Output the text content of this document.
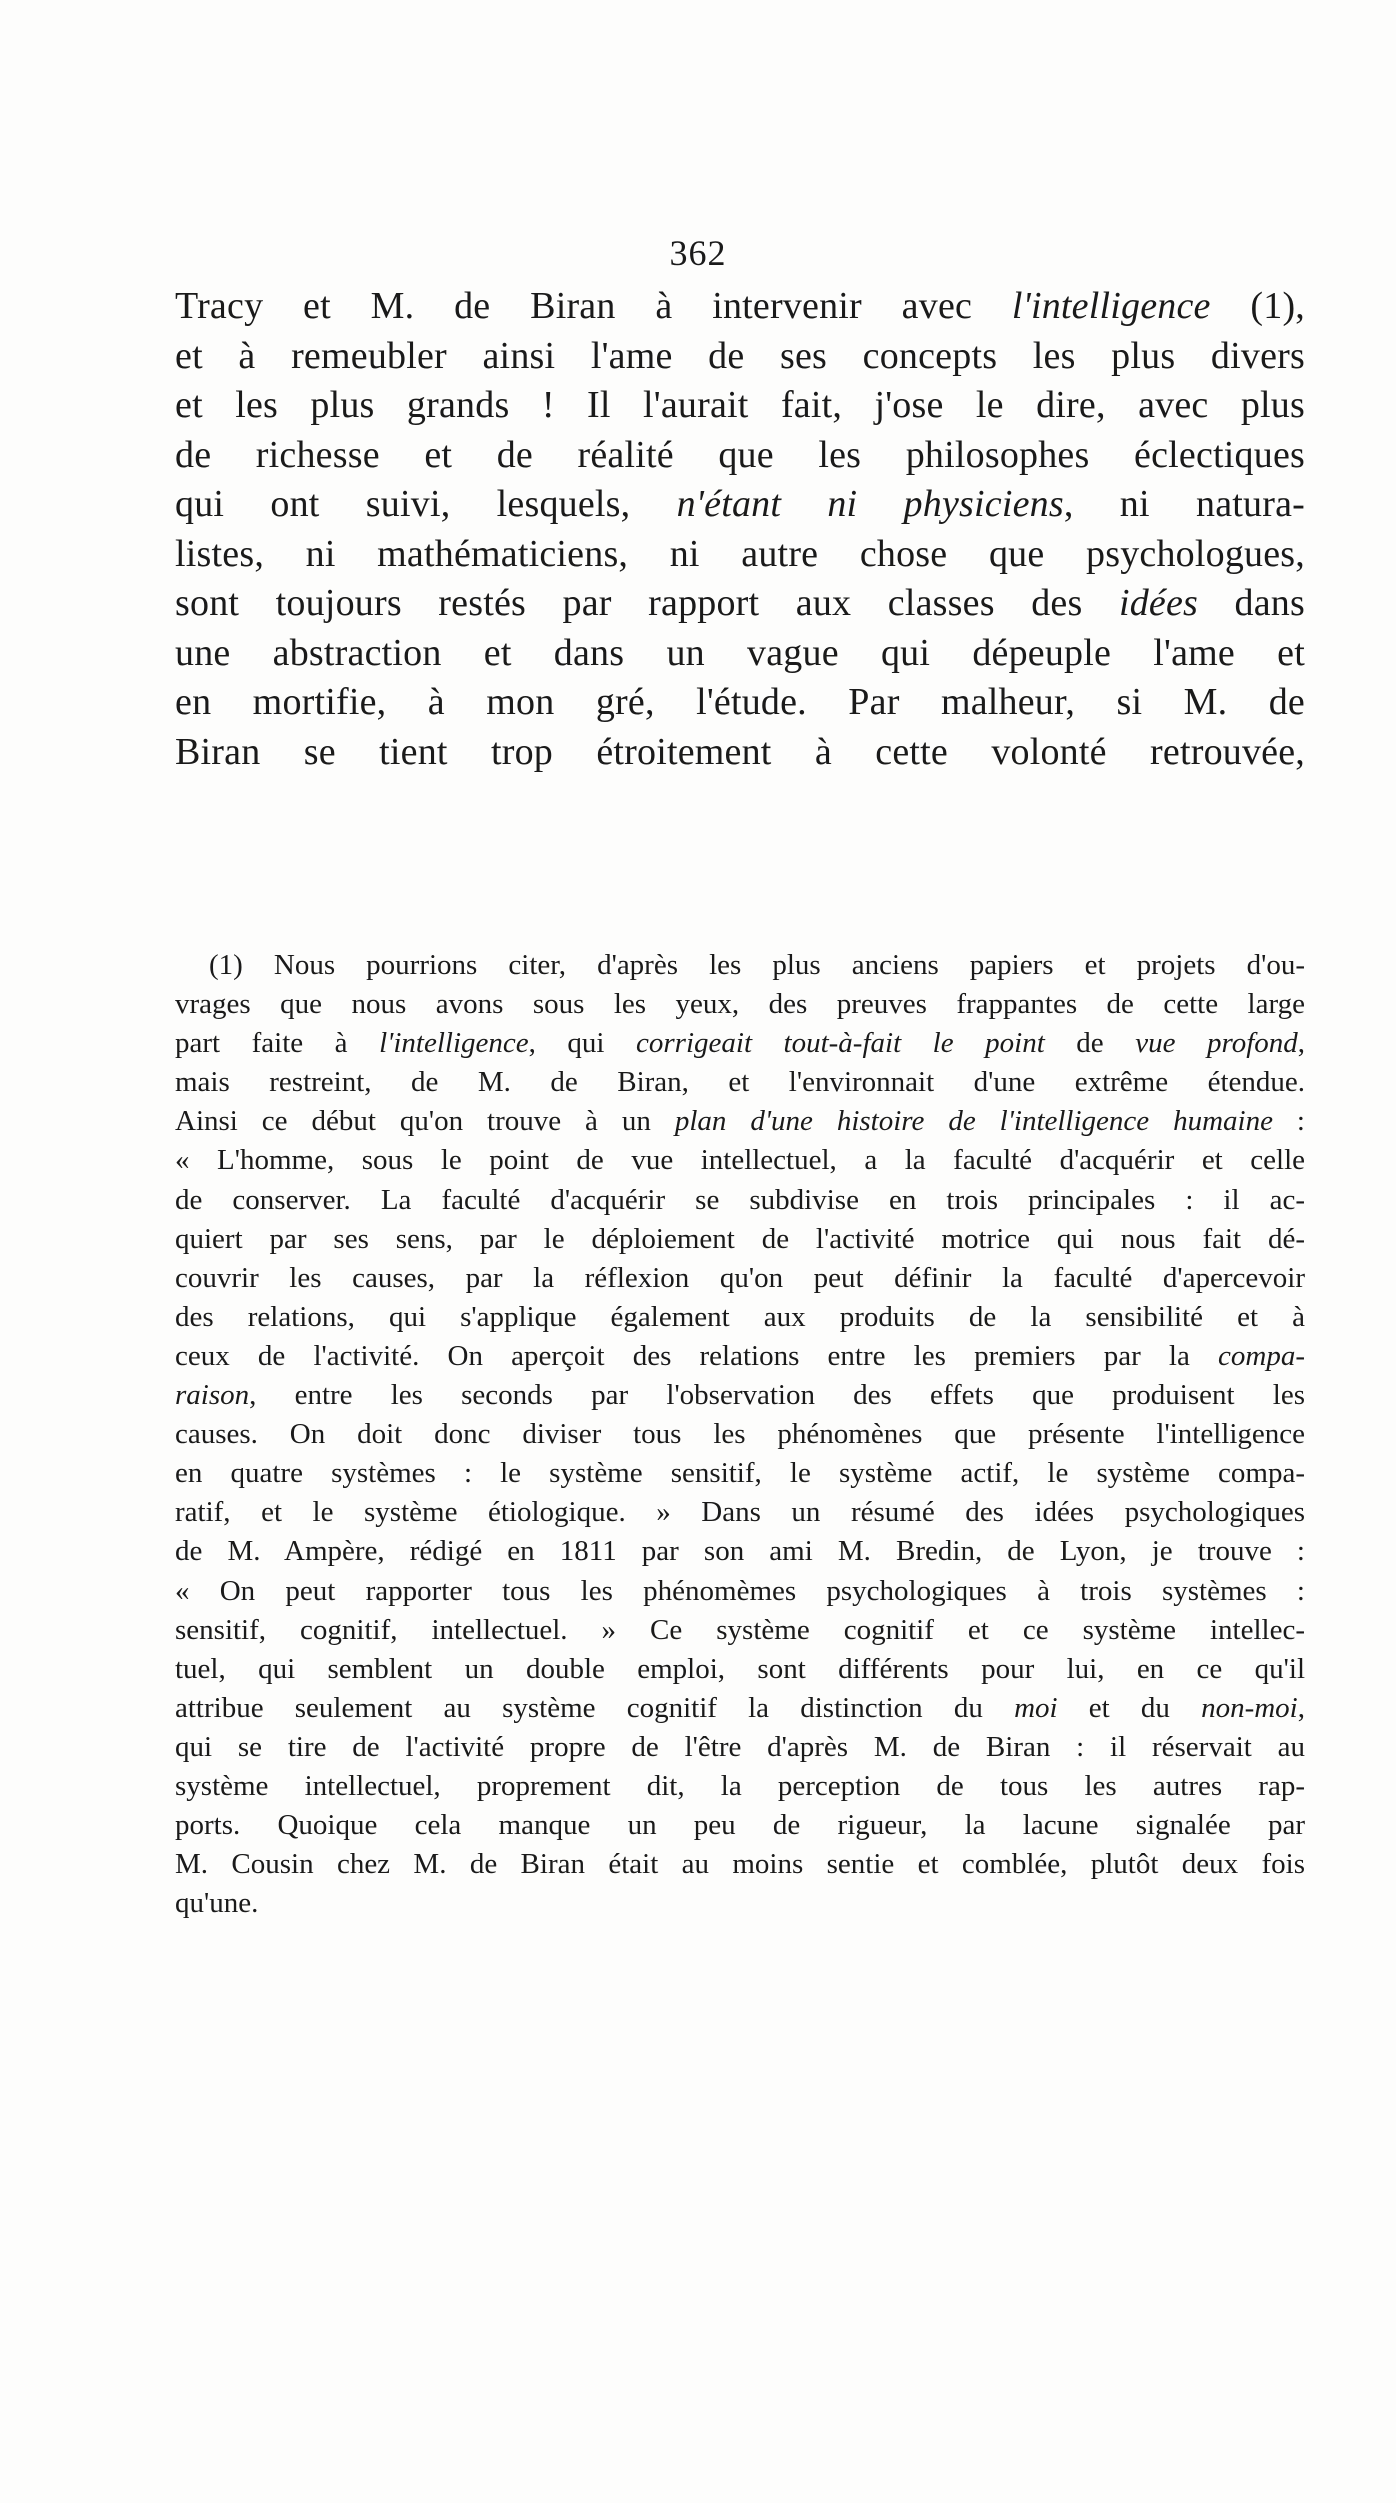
362
Tracy et M. de Biran à intervenir avec l'intelligence (1),
et à remeubler ainsi l'ame de ses concepts les plus divers
et les plus grands ! Il l'aurait fait, j'ose le dire, avec plus
de richesse et de réalité que les philosophes éclectiques
qui ont suivi, lesquels, n'étant ni physiciens, ni natura-
listes, ni mathématiciens, ni autre chose que psychologues,
sont toujours restés par rapport aux classes des idées dans
une abstraction et dans un vague qui dépeuple l'ame et
en mortifie, à mon gré, l'étude. Par malheur, si M. de
Biran se tient trop étroitement à cette volonté retrouvée,
(1) Nous pourrions citer, d'après les plus anciens papiers et projets d'ou-
vrages que nous avons sous les yeux, des preuves frappantes de cette large
part faite à l'intelligence, qui corrigeait tout-à-fait le point de vue profond,
mais restreint, de M. de Biran, et l'environnait d'une extrême étendue.
Ainsi ce début qu'on trouve à un plan d'une histoire de l'intelligence humaine :
« L'homme, sous le point de vue intellectuel, a la faculté d'acquérir et celle
de conserver. La faculté d'acquérir se subdivise en trois principales : il ac-
quiert par ses sens, par le déploiement de l'activité motrice qui nous fait dé-
couvrir les causes, par la réflexion qu'on peut définir la faculté d'apercevoir
des relations, qui s'applique également aux produits de la sensibilité et à
ceux de l'activité. On aperçoit des relations entre les premiers par la compa-
raison, entre les seconds par l'observation des effets que produisent les
causes. On doit donc diviser tous les phénomènes que présente l'intelligence
en quatre systèmes : le système sensitif, le système actif, le système compa-
ratif, et le système étiologique. » Dans un résumé des idées psychologiques
de M. Ampère, rédigé en 1811 par son ami M. Bredin, de Lyon, je trouve :
« On peut rapporter tous les phénomèmes psychologiques à trois systèmes :
sensitif, cognitif, intellectuel. » Ce système cognitif et ce système intellec-
tuel, qui semblent un double emploi, sont différents pour lui, en ce qu'il
attribue seulement au système cognitif la distinction du moi et du non-moi,
qui se tire de l'activité propre de l'être d'après M. de Biran : il réservait au
système intellectuel, proprement dit, la perception de tous les autres rap-
ports. Quoique cela manque un peu de rigueur, la lacune signalée par
M. Cousin chez M. de Biran était au moins sentie et comblée, plutôt deux fois
qu'une.
